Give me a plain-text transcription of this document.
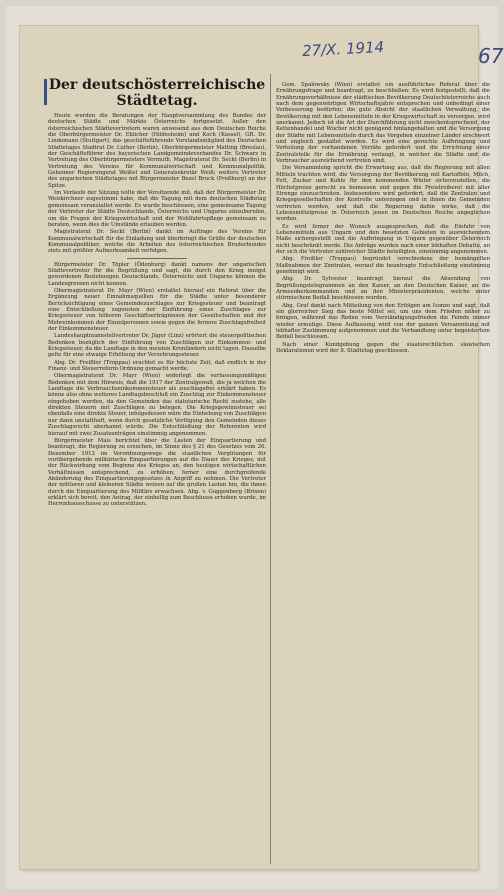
27/X. 1914	67
Der deutschösterreichische Städtetag.

Heute wurden die Beratungen der Hauptversammlung des Bundes der deutschen Städte und Märkte Österreichs fortgesetzt. Außer den österreichischen Städtevertretern waren anwesend aus dem Deutschen Reiche die Oberbürgermeister Dr. Ehlicher (Hildesheim) und Koch (Kassel), GR. Dr. Lindemann (Stuttgart), das geschäftsführende Vorstandsmitglied des Deutschen Städtetages Stadtrat Dr. Luther (Berlin), Oberbürgermeister Matting (Breslau), der Geschäftsführer des bayerischen Landgemeindeverbandes Dr. Schwarz in Vertretung des Oberbürgermeisters Vermuth, Magistratsrat Dr. Seckt (Berlin) in Vertretung des Vereins für Kommunalwirtschaft und Kommunalpolitik, Geheimer Regierungsrat Weißel und Generalsekretär Weiß; weiters Vertreter des ungarischen Städtetages mit Bürgermeister Bezel Bruck (Preßburg) an der Spitze.

Im Verlaufe der Sitzung teilte der Vorsitzende mit, daß der Bürgermeister Dr. Weiskirchner zugestimmt habe, daß die Tagung mit dem deutschen Städtetag gemeinsam veranstaltet werde. Es wurde beschlossen, eine gemeinsame Tagung der Vertreter der Städte Deutschlands, Österreichs und Ungarns einzuberufen, um die Fragen der Kriegswirtschaft und der Wohlfahrtspflege gemeinsam zu beraten, wenn dies die Umstände erlauben werden.

Magistratsrat Dr. Seckt (Berlin) dankt im Auftrage des Vereins für Kommunalwirtschaft für die Einladung und überbringt die Grüße der deutschen Kommunalpolitiker, welche die Arbeiten des österreichischen Bruderbundes stets mit größter Aufmerksamkeit verfolgen.

Bürgermeister Dr. Töpler (Ödenburg) dankt namens der ungarischen Städtevertreter für die Begrüßung und sagt, die durch den Krieg innigst gewordenen Beziehungen Deutschlands, Österreichs und Ungarns können die Landesgrenzen nicht kennen.

Obermagistratsrat Dr. Mayr (Wien) erstattet hierauf ein Referat über die Ergänzung neuer Einnahmsquellen für die Städte unter besonderer Berücksichtigung eines Gemeindezuschlages zur Kriegssteuer und beantragt eine Entschließung zugunsten der Einführung eines Zuschlages zur Kriegssteuer von höheren Geschäftserträgnissen der Gesellschaften und der Mehreinkommen der Einzelpersonen sowie gegen die fernere Zuschlagsfreiheit der Einkommensteuer.

Landeshauptmannstellvertreter Dr. Jäger (Linz) erörtert die steuerpolitischen Bedenken bezüglich der Einführung von Zuschlägen zur Einkommen- und Kriegssteuer, da die Landtage in den meisten Kronländern nicht tagen. Dasselbe gelte für eine etwaige Erhöhung der Verzehrungssteuer.

Abg. Dr. Freißler (Troppau) erachtet es für höchste Zeit, daß endlich in der Finanz- und Steuerreform Ordnung gemacht werde.

Obermagistratsrat Dr. Mayr (Wien) widerlegt die verfassungsmäßigen Bedenken mit dem Hinweis, daß die 1917 der Zentralgewalt, die ja welchen die Landtage die Verbrauchseinkommensteuer als zuschlagsfrei erklärt haben. Es könne also ohne weiteres Landtagsbeschluß ein Zuschlag zur Einkommensteuer eingehoben werden, da den Gemeinden das statutarische Recht zustehe, alle direkten Steuern mit Zuschlägen zu belegen. Die Kriegsgewinnsteuer sei ebenfalls eine direkte Steuer, infolgedessen wäre die Einhebung von Zuschlägen nur dann unstatthaft, wenn durch gesetzliche Verfügung den Gemeinden dieses Zuschlagsrecht aberkannt würde. Die Entschließung der Referenten wird hierauf mit zwei Zusatzanträgen einstimmig angenommen.

Bürgermeister Mais berichtet über die Lasten der Einquartierung und beantragt, die Regierung zu ersuchen, im Sinne des § 21 des Gesetzes vom 26. Dezember 1912 im Verordnungswege die staatlichen Vergütungen für vorübergehende militärische Einquartierungen auf die Dauer des Krieges, mit der Rückwirkung vom Beginne des Krieges an, den heutigen wirtschaftlichen Verhältnissen entsprechend, zu erhöhen; ferner eine durchgreifende Abänderung des Einquartierungsgesetzes in Angriff zu nehmen. Die Vertreter der mittleren und kleineren Städte weisen auf die großen Lasten hin, die ihnen durch die Einquartierung des Militärs erwachsen. Abg. v. Guggenberg (Brixen) erklärt sich bereit, den Antrag, der einhellig zum Beschlusse erhoben wurde, im Herrenhausschusse zu unterstützen.

Gem. Spalowsky (Wien) erstattet ein ausführliches Referat über die Ernährungsfrage und beantragt, zu beschließen: Es wird festgestellt, daß die Ernährungsverhältnisse der städtischen Bevölkerung Deutschösterreichs auch nach dem gegenwärtigen Wirtschaftsjahre entsprechen und unbedingt einer Verbesserung bedürfen; die gute Absicht der staatlichen Verwaltung, die Bevölkerung mit den Lebensmitteln in der Kriegswirtschaft zu versorgen, wird anerkannt. Jedoch ist die Art der Durchführung nicht zweckentsprechend, der Kettenhandel und Wucher nicht genügend hintangehalten und die Versorgung der Städte mit Lebensmitteln durch das Vorgehen einzelner Länder erschwert und ungleich gestaltet worden. Es wird eine gerechte Aufbringung und Verteilung der vorhandenen Vorräte gefordert und die Errichtung einer Zentralstelle für die Ernährung verlangt, in welcher die Städte und die Verbraucher ausreichend vertreten sind.

Die Versammlung spricht die Erwartung aus, daß die Regierung mit allen Mitteln trachten wird, die Versorgung der Bevölkerung mit Kartoffeln, Milch, Fett, Zucker und Kohle für den kommenden Winter sicherzustellen, die Höchstpreise gerecht zu bemessen und gegen die Preistreiberei mit aller Strenge einzuschreiten. Insbesondere wird gefordert, daß die Zentralen und Kriegsgesellschaften der Kontrolle unterzogen und in ihnen die Gemeinden vertreten werden, und daß die Regierung dahin wirke, daß die Lebensmittelpreise in Österreich jenen im Deutschen Reiche angeglichen werden.

Es wird ferner der Wunsch ausgesprochen, daß die Einfuhr von Lebensmitteln aus Ungarn und den besetzten Gebieten in ausreichendem Maße sichergestellt und die Aufbringung in Ungarn gegenüber Österreich nicht beschränkt werde. Die Anträge wurden nach einer lebhaften Debatte, an der sich die Vertreter zahlreicher Städte beteiligten, einstimmig angenommen.

Abg. Freißler (Troppau) begründet verschiedene der bemängelten Maßnahmen der Zentralen, worauf die beantragte Entschließung einstimmig genehmigt wird.

Abg. Dr. Sylvester beantragt hierauf die Absendung von Begrüßungstelegrammen an den Kaiser, an den Deutschen Kaiser, an die Armeeoberkommanden und an den Ministerpräsidenten, welche unter stürmischem Beifall beschlossen wurden.

Abg. Graf dankt nach Mitteilung von den Erfolgen am Isonzo und sagt, daß ein glorreicher Sieg das beste Mittel sei, um uns dem Frieden näher zu bringen, während das Reden vom Verständigungsfrieden die Feinde immer wieder ermutige. Diese Auffassung wird von der ganzen Versammlung mit lebhafter Zustimmung aufgenommen und die Verhandlung unter begeistertem Beifall beschlossen.

Nach einer Kundgebung gegen die staatsrechtlichen slawischen Deklarationen wird der 8. Städtetag geschlossen.
